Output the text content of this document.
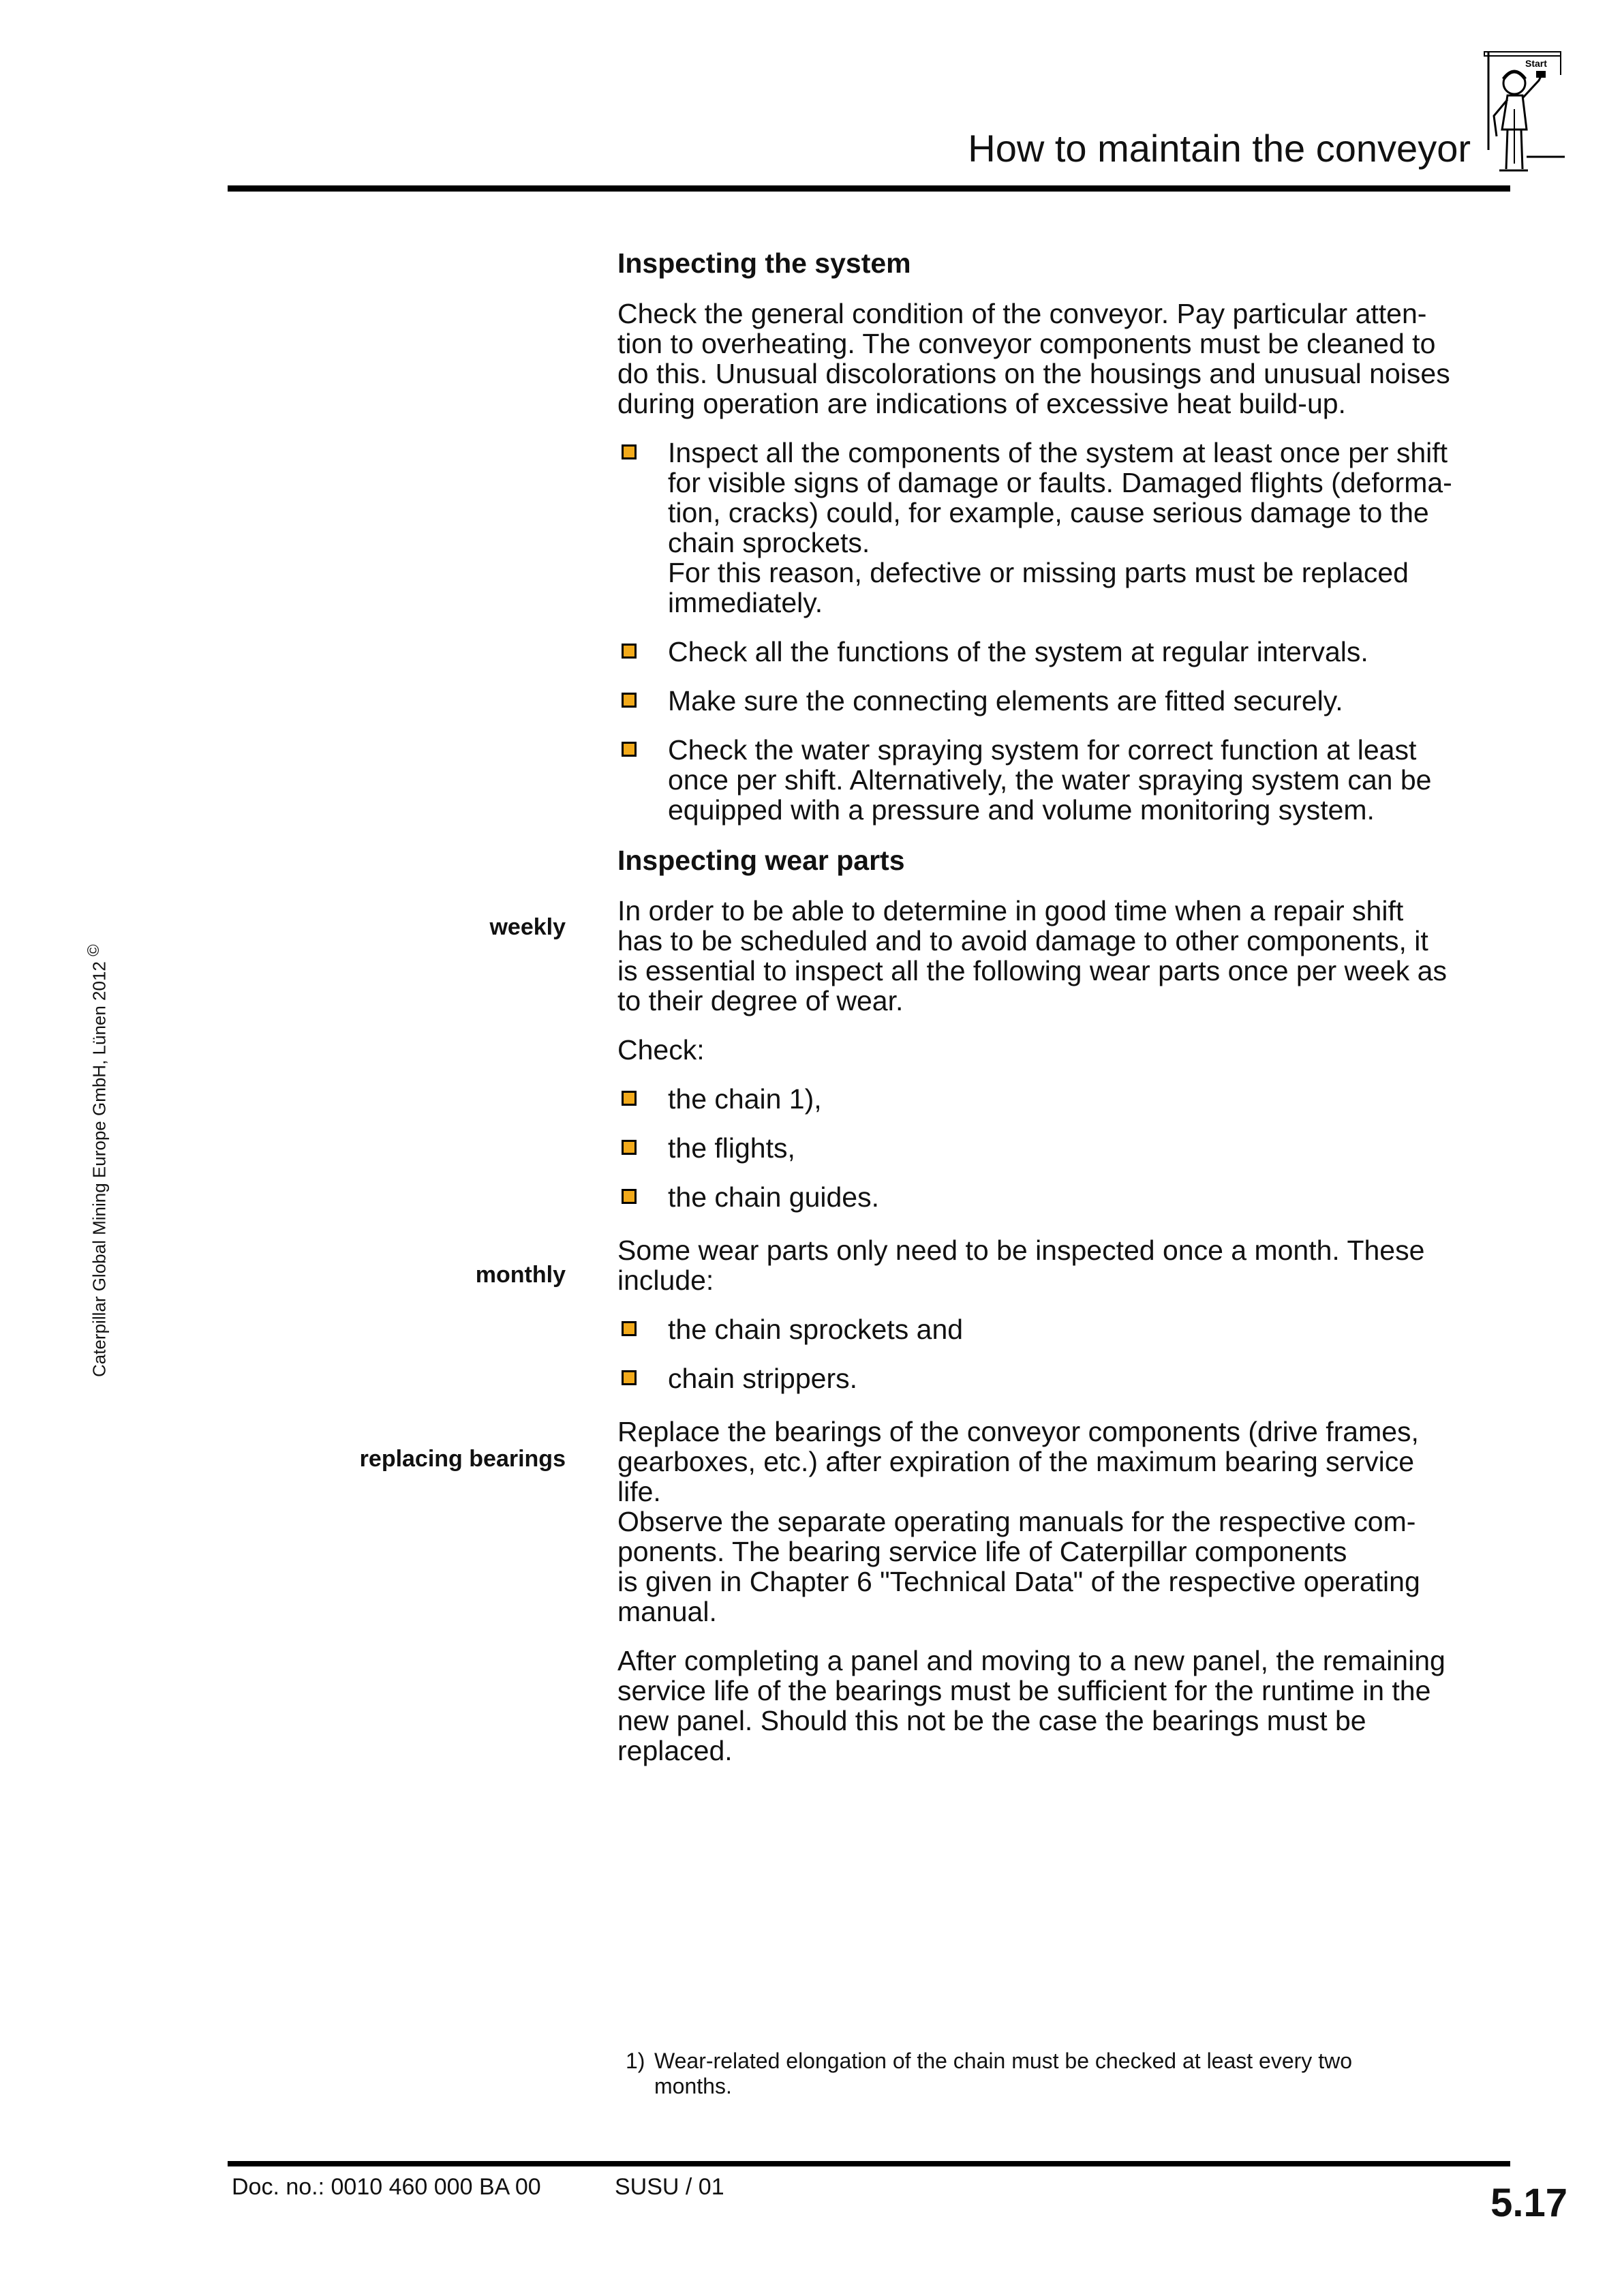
How to maintain the conveyor
Start
Caterpillar Global Mining Europe GmbH, Lünen 2012 ©
weekly
monthly
replacing bearings
Inspecting the system
Check the general condition of the conveyor. Pay particular atten-
tion to overheating. The conveyor components must be cleaned to
do this. Unusual discolorations on the housings and unusual noises
during operation are indications of excessive heat build-up.
Inspect all the components of the system at least once per shift
for visible signs of damage or faults. Damaged flights (deforma-
tion, cracks) could, for example, cause serious damage to the
chain sprockets.
For this reason, defective or missing parts must be replaced
immediately.
Check all the functions of the system at regular intervals.
Make sure the connecting elements are fitted securely.
Check the water spraying system for correct function at least
once per shift. Alternatively, the water spraying system can be
equipped with a pressure and volume monitoring system.
Inspecting wear parts
In order to be able to determine in good time when a repair shift
has to be scheduled and to avoid damage to other components, it
is essential to inspect all the following wear parts once per week as
to their degree of wear.
Check:
the chain 1),
the flights,
the chain guides.
Some wear parts only need to be inspected once a month. These
include:
the chain sprockets and
chain strippers.
Replace the bearings of the conveyor components (drive frames,
gearboxes, etc.) after expiration of the maximum bearing service
life.
Observe the separate operating manuals for the respective com-
ponents. The bearing service life of Caterpillar components
is given in Chapter 6 "Technical Data" of the respective operating
manual.
After completing a panel and moving to a new panel, the remaining
service life of the bearings must be sufficient for the runtime in the
new panel. Should this not be the case the bearings must be
replaced.
1) Wear-related elongation of the chain must be checked at least every two
months.
Doc. no.: 0010 460 000 BA 00	SUSU / 01	5.17
